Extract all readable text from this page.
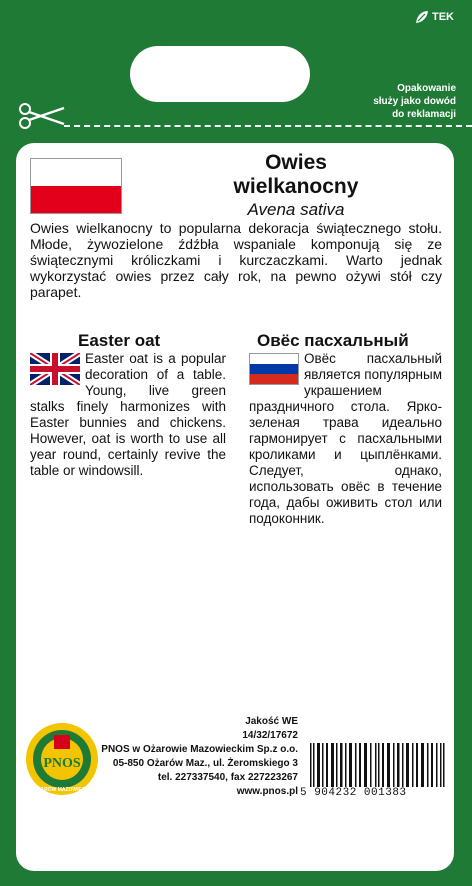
TEK
Opakowanie
służy jako dowód
do reklamacji
Owies
wielkanocny
Avena sativa
Owies wielkanocny to popularna dekoracja świątecznego stołu. Młode, żywozielone źdźbła wspaniale komponują się ze świątecznymi króliczkami i kurczaczkami. Warto jednak wykorzystać owies przez cały rok, na pewno ożywi stół czy parapet.
Easter oat	Овёс пасхальный
Easter oat is a popular decoration of a table. Young, live green stalks finely harmonizes with Easter bunnies and chickens. However, oat is worth to use all year round, certainly revive the table or windowsill.
Овёс пасхальный является популярным украшением праздничного стола. Ярко-зеленая трава идеально гармонирует с пасхальными кроликами и цыплёнками. Следует, однако, использовать овёс в течение года, дабы оживить стол или подоконник.
PNOS
OŻARÓW MAZOWIECKI
Jakość WE
14/32/17672
PNOS w Ożarowie Mazowieckim Sp.z o.o.
05-850 Ożarów Maz., ul. Żeromskiego 3
tel. 227337540, fax 227223267
www.pnos.pl 5 904232 001383
